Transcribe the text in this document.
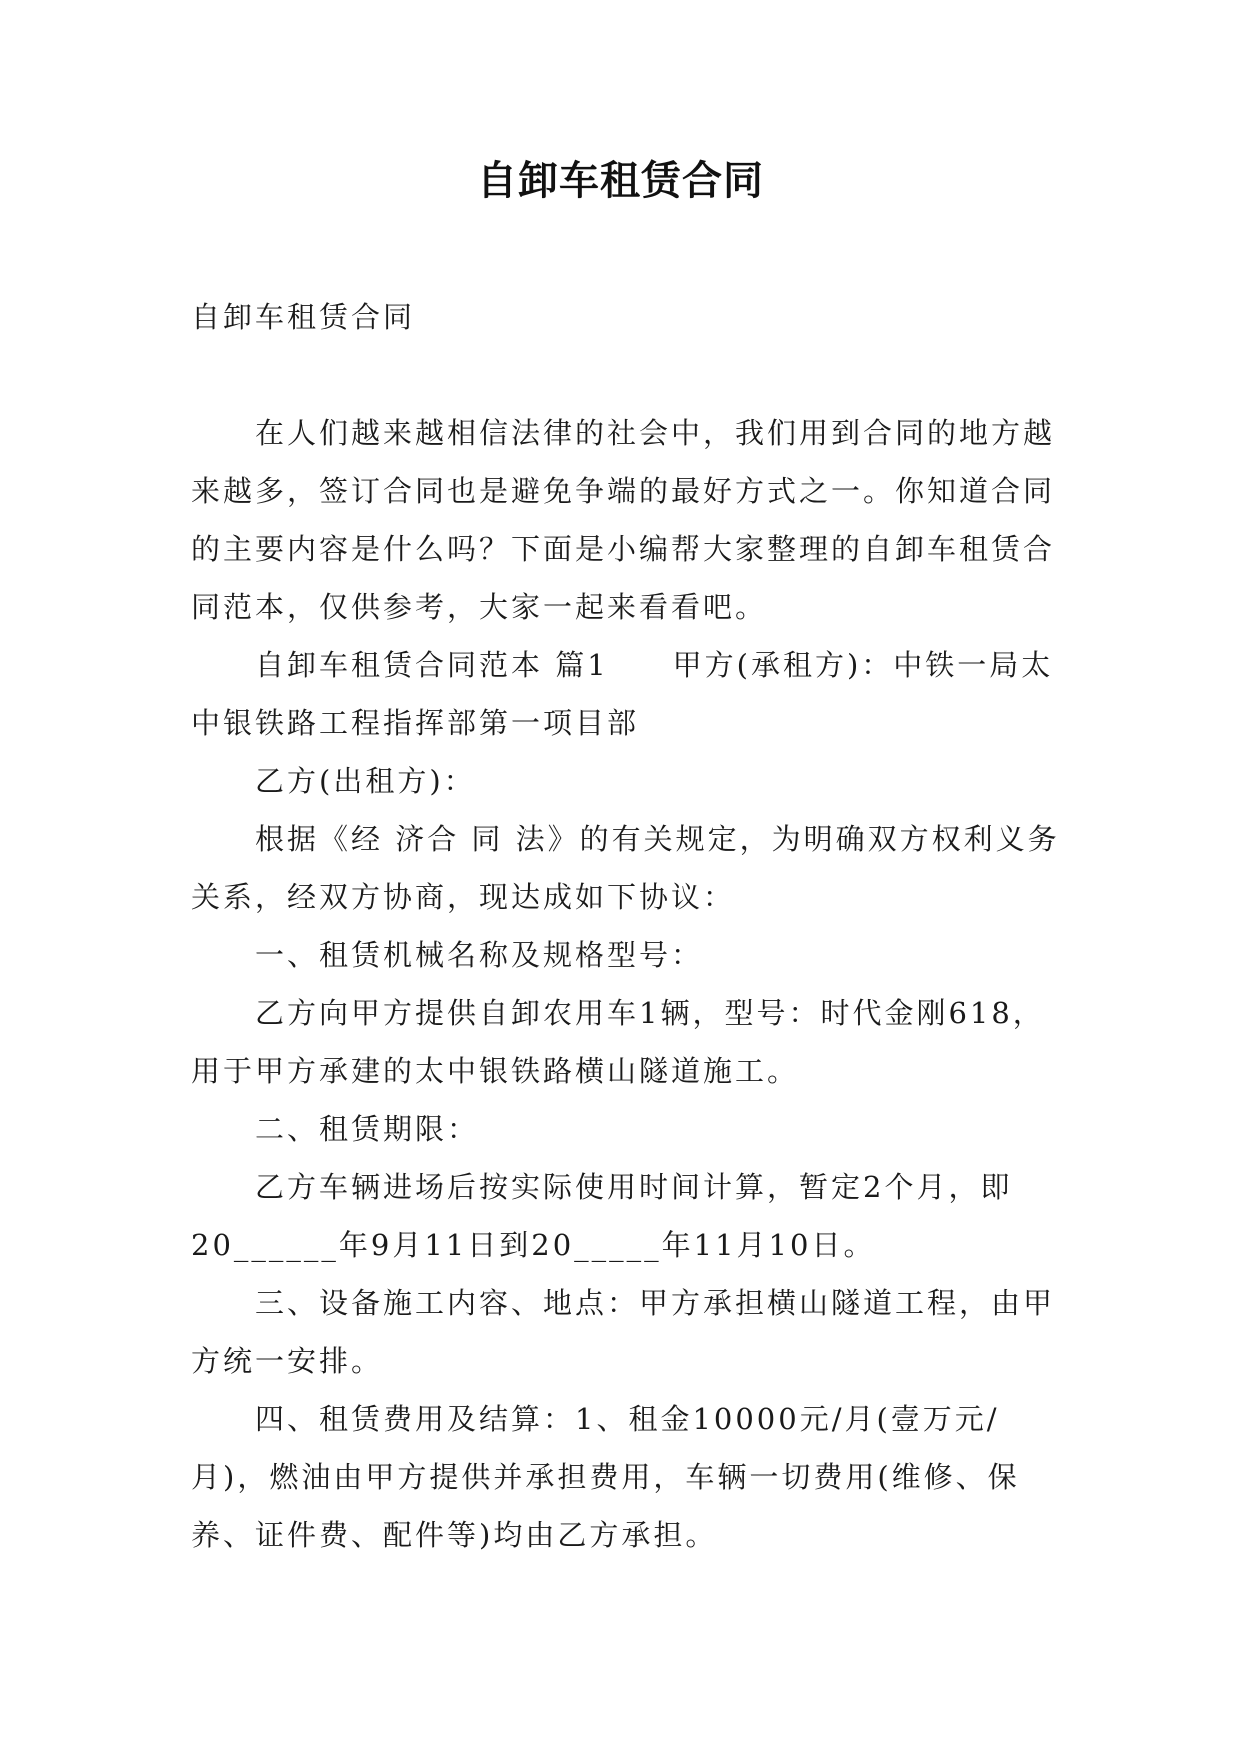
自卸车租赁合同

自卸车租赁合同

在人们越来越相信法律的社会中，我们用到合同的地方越来越多，签订合同也是避免争端的最好方式之一。你知道合同的主要内容是什么吗？下面是小编帮大家整理的自卸车租赁合同范本，仅供参考，大家一起来看看吧。

自卸车租赁合同范本 篇1　　甲方(承租方)：中铁一局太中银铁路工程指挥部第一项目部

乙方(出租方)：

根据《经 济合 同 法》的有关规定，为明确双方权利义务关系，经双方协商，现达成如下协议：

一、租赁机械名称及规格型号：

乙方向甲方提供自卸农用车1辆，型号：时代金刚618，用于甲方承建的太中银铁路横山隧道施工。

二、租赁期限：

乙方车辆进场后按实际使用时间计算，暂定2个月，即20______年9月11日到20_____年11月10日。

三、设备施工内容、地点：甲方承担横山隧道工程，由甲方统一安排。

四、租赁费用及结算：1、租金10000元/月(壹万元/月)，燃油由甲方提供并承担费用，车辆一切费用(维修、保养、证件费、配件等)均由乙方承担。
